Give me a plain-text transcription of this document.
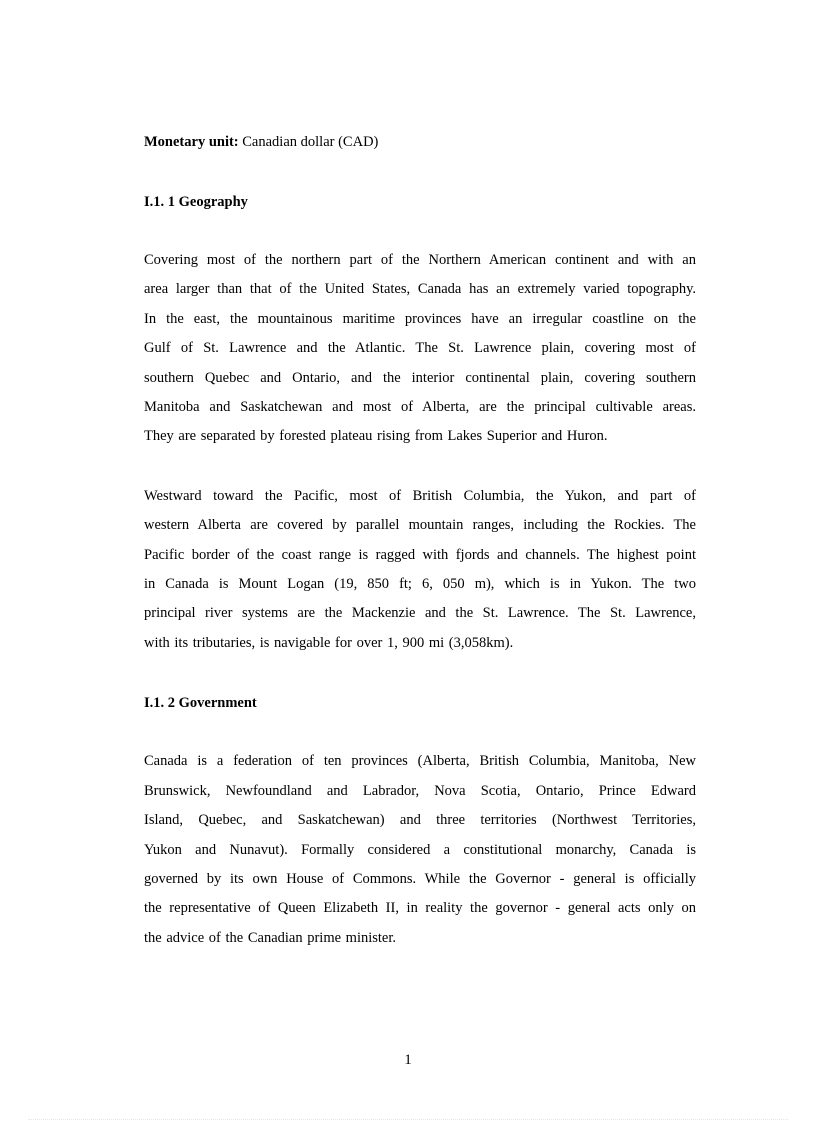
Monetary unit: Canadian dollar (CAD)

I.1. 1 Geography

Covering most of the northern part of the Northern American continent and with an
area larger than that of the United States, Canada has an extremely varied topography.
In the east, the mountainous maritime provinces have an irregular coastline on the
Gulf of St. Lawrence and the Atlantic. The St. Lawrence plain, covering most of
southern Quebec and Ontario, and the interior continental plain, covering southern
Manitoba and Saskatchewan and most of Alberta, are the principal cultivable areas.
They are separated by forested plateau rising from Lakes Superior and Huron.

Westward toward the Pacific, most of British Columbia, the Yukon, and part of
western Alberta are covered by parallel mountain ranges, including the Rockies. The
Pacific border of the coast range is ragged with fjords and channels. The highest point
in Canada is Mount Logan (19, 850 ft; 6, 050 m), which is in Yukon. The two
principal river systems are the Mackenzie and the St. Lawrence. The St. Lawrence,
with its tributaries, is navigable for over 1, 900 mi (3,058km).

I.1. 2 Government

Canada is a federation of ten provinces (Alberta, British Columbia, Manitoba, New
Brunswick, Newfoundland and Labrador, Nova Scotia, Ontario, Prince Edward
Island, Quebec, and Saskatchewan) and three territories (Northwest Territories,
Yukon and Nunavut). Formally considered a constitutional monarchy, Canada is
governed by its own House of Commons. While the Governor - general is officially
the representative of Queen Elizabeth II, in reality the governor - general acts only on
the advice of the Canadian prime minister.

1
